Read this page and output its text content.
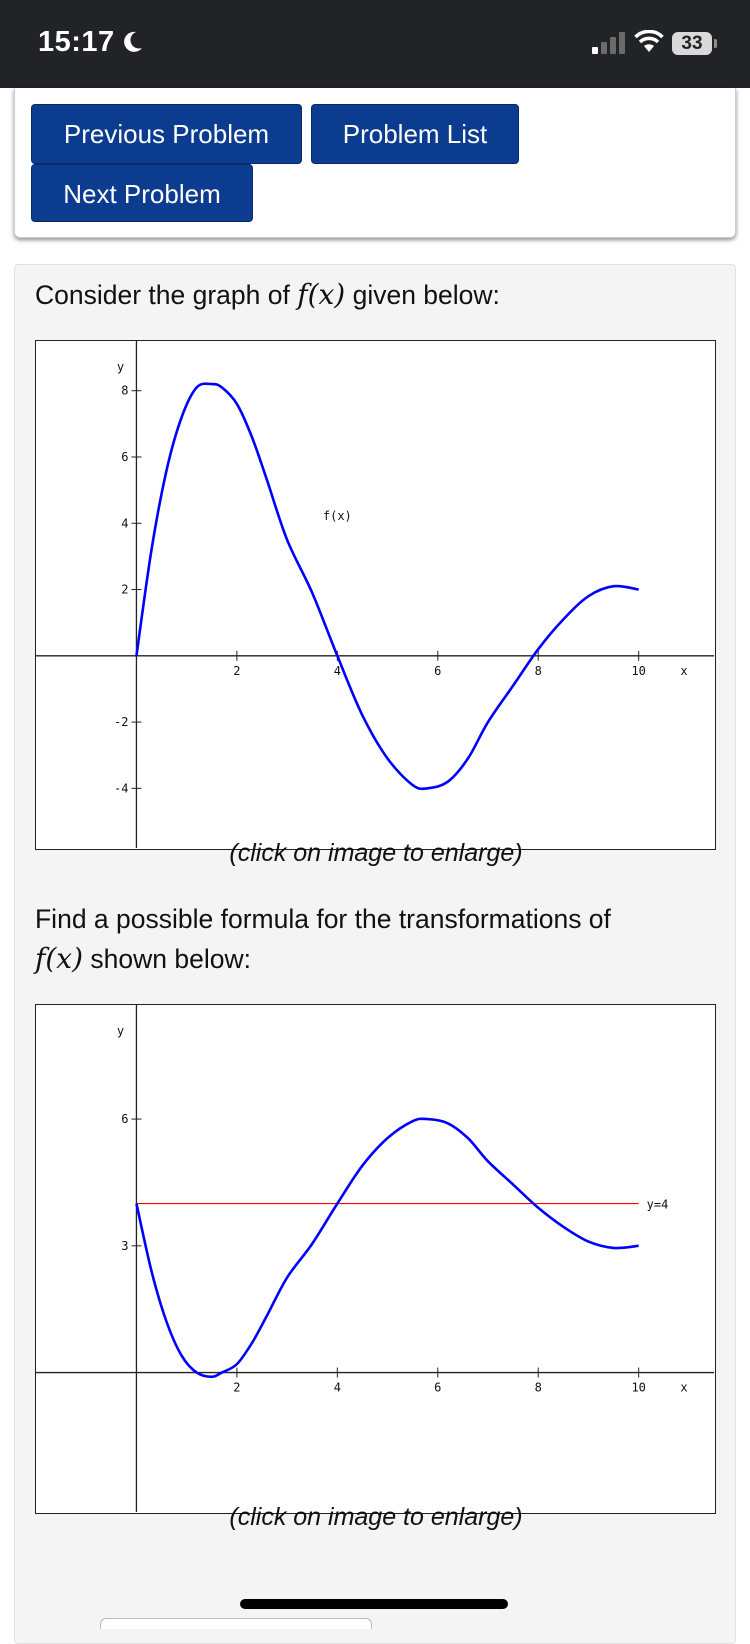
15:17	33
Previous Problem	Problem List
Next Problem
Consider the graph of f(x) given below:
2	4	6	8	10
-4
-2
2
4
6
8
x
y
f(x)
(click on image to enlarge)
Find a possible formula for the transformations of
f(x) shown below:
2	4	6	8	10
3
6
x
y
y=4
(click on image to enlarge)
